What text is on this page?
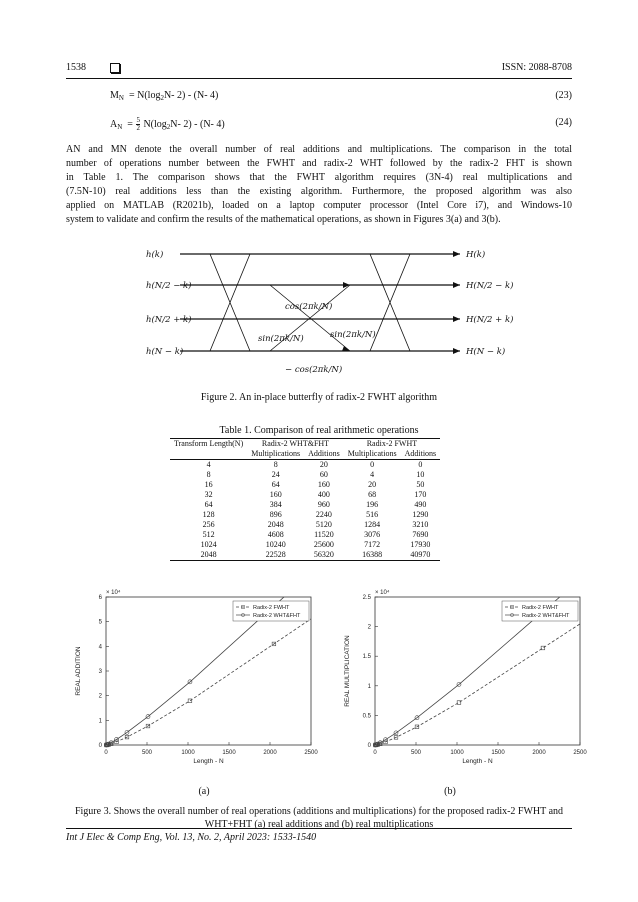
1538	ISSN: 2088-8708
$M_N = N(\log_2N-$ 2) - (N- 4)	(23)
$A_N = \frac{5}{2} N(\log_2N-$ 2) - (N- 4)	(24)
AN and MN denote the overall number of real additions and multiplications. The comparison in the total
number of operations number between the FWHT and radix-2 WHT followed by the radix-2 FHT is shown
in Table 1. The comparison shows that the FWHT algorithm requires (3N-4) real multiplications and
(7.5N-10) real additions less than the existing algorithm. Furthermore, the proposed algorithm was also
applied on MATLAB (R2021b), loaded on a laptop computer processor (Intel Core i7), and Windows-10
system to validate and confirm the results of the mathematical operations, as shown in Figures 3(a) and 3(b).
h(k)
h(N/2 − k)
h(N/2 + k)
h(N − k)
H(k)
H(N/2 − k)
H(N/2 + k)
H(N − k)
cos(2πk/N)
sin(2πk/N)	sin(2πk/N)
− cos(2πk/N)
Figure 2. An in-place butterfly of radix-2 FWHT algorithm
Table 1. Comparison of real arithmetic operations
Transform Length(N)	Radix-2 WHT&FHT		Radix-2 FWHT	
	Multiplications	Additions	Multiplications	Additions
4	8	20	0	0
8	24	60	4	10
16	64	160	20	50
32	160	400	68	170
64	384	960	196	490
128	896	2240	516	1290
256	2048	5120	1284	3210
512	4608	11520	3076	7690
1024	10240	25600	7172	17930
2048	22528	56320	16388	40970
0	500	1000	1500	2000	2500
0
1
2
3
4
5
6
× 10⁴
Length - N
REAL ADDITION
Radix-2 FWHT
Radix-2 WHT&FHT
0	500	1000	1500	2000	2500
0
0.5
1
1.5
2
2.5
× 10⁴
Length - N
REAL MULTIPLICATION
Radix-2 FWHT
Radix-2 WHT&FHT
(a)	(b)
Figure 3. Shows the overall number of real operations (additions and multiplications) for the proposed radix-2 FWHT and WHT+FHT (a) real additions and (b) real multiplications
Int J Elec & Comp Eng, Vol. 13, No. 2, April 2023: 1533-1540
